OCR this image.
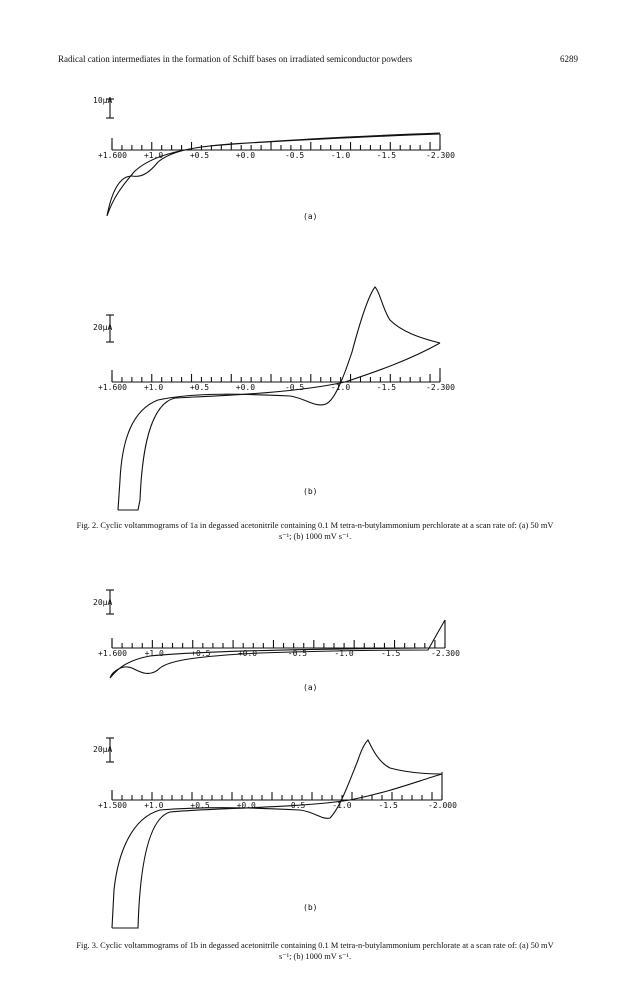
Radical cation intermediates in the formation of Schiff bases on irradiated semiconductor powders	6289
10µA
+1.600 +1.0	+0.5	+0.0	-0.5	-1.0	-1.5	-2.300
(a)
20µA
+1.600 +1.0	+0.5	+0.0	-0.5	-1.0	-1.5	-2.300
(b)
Fig. 2. Cyclic voltammograms of 1a in degassed acetonitrile containing 0.1 M tetra-n-butylammonium perchlorate at a scan rate of: (a) 50 mV s⁻¹; (b) 1000 mV s⁻¹.
20µA
+1.600 +1.0	+0.5	+0.0	-0.5	-1.0	-1.5	-2.300
(a)
20µA
+1.500 +1.0	+0.5	+0.0	-0.5	-1.0	-1.5	-2.000
(b)
Fig. 3. Cyclic voltammograms of 1b in degassed acetonitrile containing 0.1 M tetra-n-butylammonium perchlorate at a scan rate of: (a) 50 mV s⁻¹; (b) 1000 mV s⁻¹.
